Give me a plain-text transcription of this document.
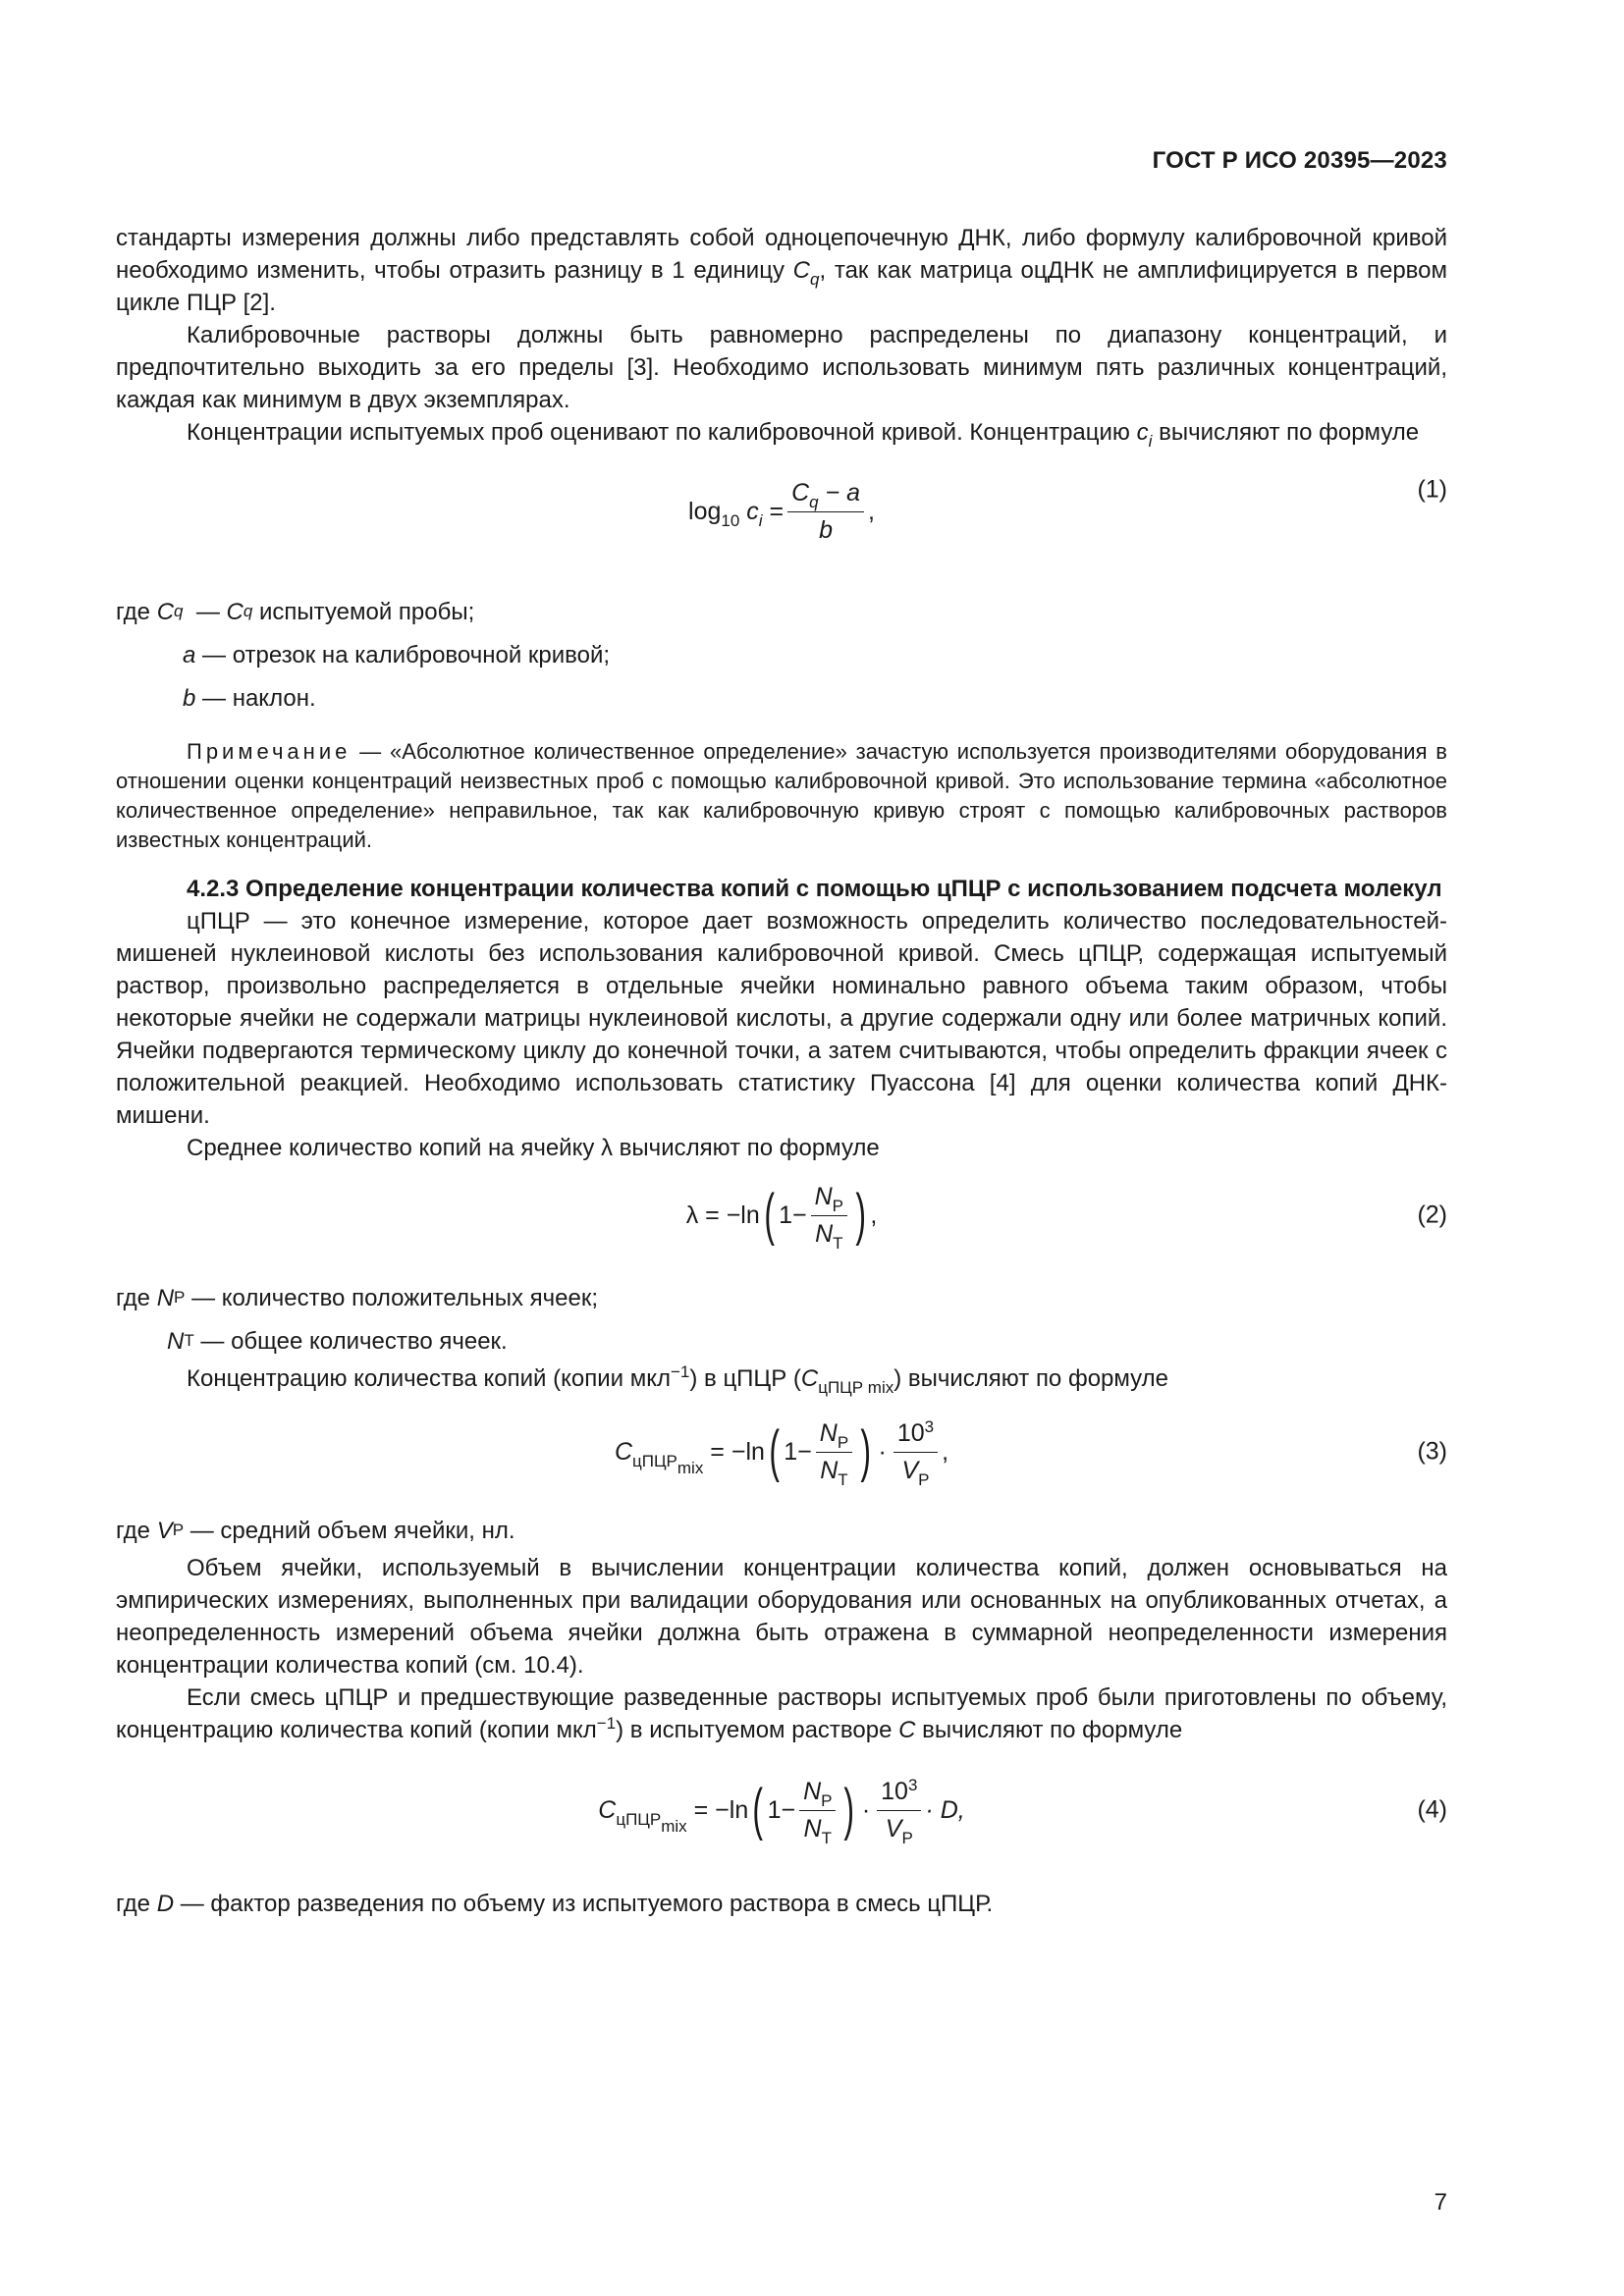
ГОСТ Р ИСО 20395—2023

стандарты измерения должны либо представлять собой одноцепочечную ДНК, либо формулу калибровочной кривой необходимо изменить, чтобы отразить разницу в 1 единицу $C_q$, так как матрица оцДНК не амплифицируется в первом цикле ПЦР [2].

Калибровочные растворы должны быть равномерно распределены по диапазону концентраций, и предпочтительно выходить за его пределы [3]. Необходимо использовать минимум пять различных концентраций, каждая как минимум в двух экземплярах.

Концентрации испытуемых проб оценивают по калибровочной кривой. Концентрацию $c_i$ вычисляют по формуле

$\log_{10} c_i = \frac{C_q - a}{b}$ ,
(1)
где
C q
—
C q
испытуемой пробы;
a
—
отрезок на калибровочной кривой;
b
—
наклон.
Примечание — «Абсолютное количественное определение» зачастую используется производителями оборудования в отношении оценки концентраций неизвестных проб с помощью калибровочной кривой. Это использование термина «абсолютное количественное определение» неправильное, так как калибровочную кривую строят с помощью калибровочных растворов известных концентраций.
4.2.3 Определение концентрации количества копий с помощью цПЦР с использованием подсчета молекул

цПЦР — это конечное измерение, которое дает возможность определить количество последовательностей-мишеней нуклеиновой кислоты без использования калибровочной кривой. Смесь цПЦР, содержащая испытуемый раствор, произвольно распределяется в отдельные ячейки номинально равного объема таким образом, чтобы некоторые ячейки не содержали матрицы нуклеиновой кислоты, а другие содержали одну или более матричных копий. Ячейки подвергаются термическому циклу до конечной точки, а затем считываются, чтобы определить фракции ячеек с положительной реакцией. Необходимо использовать статистику Пуассона [4] для оценки количества копий ДНК-мишени.

Среднее количество копий на ячейку λ вычисляют по формуле

λ = −ln ( $1- \frac{N_P}{N_T}$ ) ,	(2)
где
N P
—
количество положительных ячеек;
N T
—
общее количество ячеек.

Концентрацию количества копий (копии мкл$^{-1}$) в цПЦР $(C_{цПЦР mix})$ вычисляют по формуле

$C_{цПЦР_{mix}} = -\ln$ ( $1- \frac{N_P}{N_T}$ ) · $\frac{10^3}{V_P}$ ,	(3)
где
V P
— средний объем ячейки, нл.

Объем ячейки, используемый в вычислении концентрации количества копий, должен основываться на эмпирических измерениях, выполненных при валидации оборудования или основанных на опубликованных отчетах, а неопределенность измерений объема ячейки должна быть отражена в суммарной неопределенности измерения концентрации количества копий (см. 10.4).

Если смесь цПЦР и предшествующие разведенные растворы испытуемых проб были приготовлены по объему, концентрацию количества копий (копии мкл$^{-1}$) в испытуемом растворе C вычисляют по формуле

$C_{цПЦР_{mix}} = -\ln$ ( $1- \frac{N_P}{N_T}$ ) · $\frac{10^3}{V_P} \cdot D$,	(4)
где
D
— фактор разведения по объему из испытуемого раствора в смесь цПЦР.
7
